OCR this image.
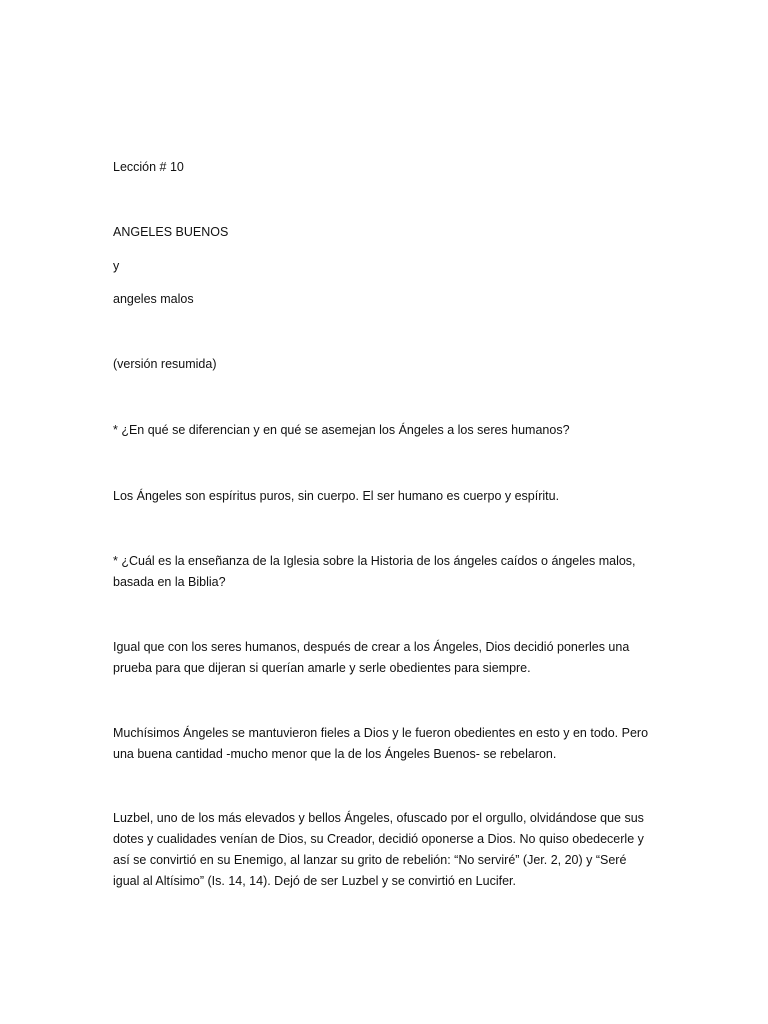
Lección # 10
ANGELES BUENOS
y
angeles malos
(versión resumida)
* ¿En qué se diferencian y en qué se asemejan los Ángeles a los seres humanos?
Los Ángeles son espíritus puros, sin cuerpo. El ser humano es cuerpo y espíritu.
* ¿Cuál es la enseñanza de la Iglesia sobre la Historia de los ángeles caídos o ángeles malos, basada en la Biblia?
Igual que con los seres humanos, después de crear a los Ángeles, Dios decidió ponerles una prueba para que dijeran si querían amarle y serle obedientes para siempre.
Muchísimos Ángeles se mantuvieron fieles a Dios y le fueron obedientes en esto y en todo. Pero una buena cantidad -mucho menor que la de los Ángeles Buenos- se rebelaron.
Luzbel, uno de los más elevados y bellos Ángeles, ofuscado por el orgullo, olvidándose que sus dotes y cualidades venían de Dios, su Creador, decidió oponerse a Dios. No quiso obedecerle y así se convirtió en su Enemigo, al lanzar su grito de rebelión: “No serviré” (Jer. 2, 20) y “Seré igual al Altísimo” (Is. 14, 14). Dejó de ser Luzbel y se convirtió en Lucifer.
